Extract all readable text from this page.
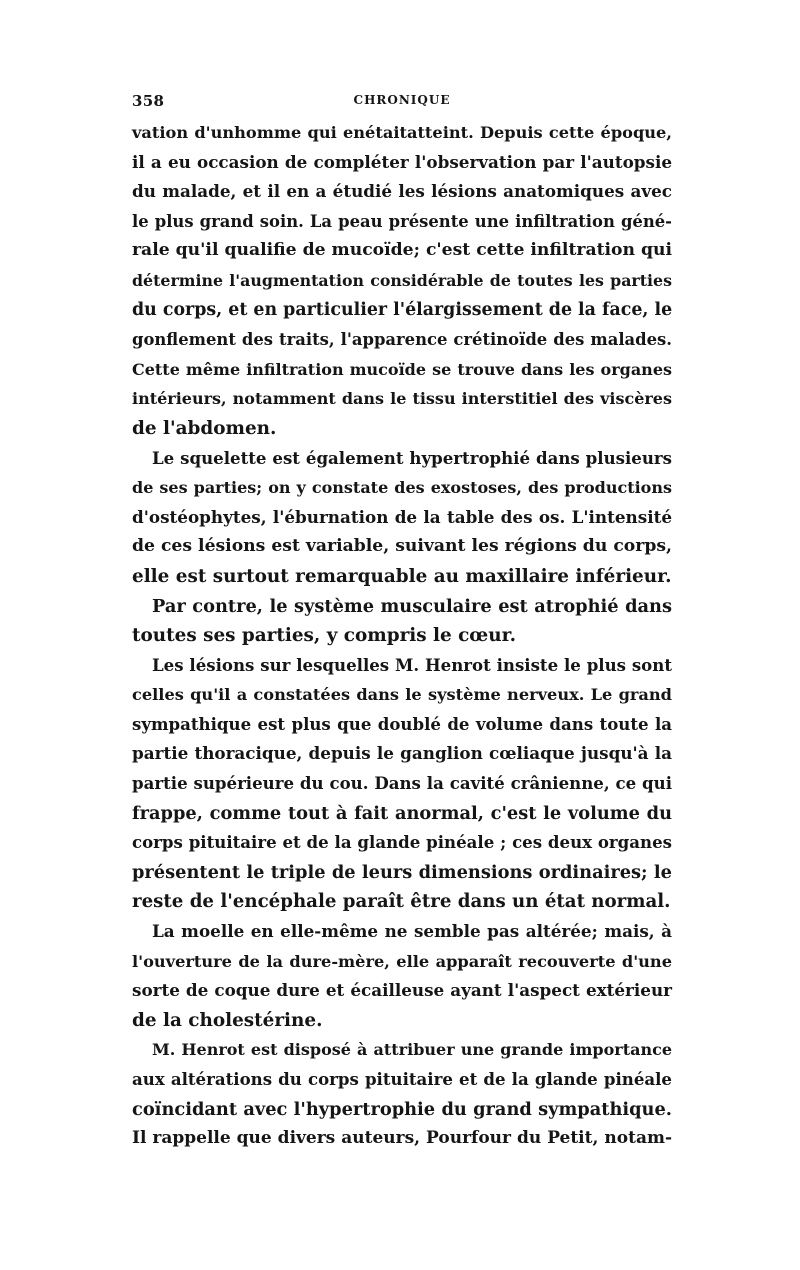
358	CHRONIQUE
vation d'unhomme qui enétaitatteint. Depuis cette époque,
il a eu occasion de compléter l'observation par l'autopsie
du malade, et il en a étudié les lésions anatomiques avec
le plus grand soin. La peau présente une infiltration géné-
rale qu'il qualifie de mucoïde; c'est cette infiltration qui
détermine l'augmentation considérable de toutes les parties
du corps, et en particulier l'élargissement de la face, le
gonflement des traits, l'apparence crétinoïde des malades.
Cette même infiltration mucoïde se trouve dans les organes
intérieurs, notamment dans le tissu interstitiel des viscères
de l'abdomen.
Le squelette est également hypertrophié dans plusieurs
de ses parties; on y constate des exostoses, des productions
d'ostéophytes, l'éburnation de la table des os. L'intensité
de ces lésions est variable, suivant les régions du corps,
elle est surtout remarquable au maxillaire inférieur.
Par contre, le système musculaire est atrophié dans
toutes ses parties, y compris le cœur.
Les lésions sur lesquelles M. Henrot insiste le plus sont
celles qu'il a constatées dans le système nerveux. Le grand
sympathique est plus que doublé de volume dans toute la
partie thoracique, depuis le ganglion cœliaque jusqu'à la
partie supérieure du cou. Dans la cavité crânienne, ce qui
frappe, comme tout à fait anormal, c'est le volume du
corps pituitaire et de la glande pinéale ; ces deux organes
présentent le triple de leurs dimensions ordinaires; le
reste de l'encéphale paraît être dans un état normal.
La moelle en elle-même ne semble pas altérée; mais, à
l'ouverture de la dure-mère, elle apparaît recouverte d'une
sorte de coque dure et écailleuse ayant l'aspect extérieur
de la cholestérine.
M. Henrot est disposé à attribuer une grande importance
aux altérations du corps pituitaire et de la glande pinéale
coïncidant avec l'hypertrophie du grand sympathique.
Il rappelle que divers auteurs, Pourfour du Petit, notam-
